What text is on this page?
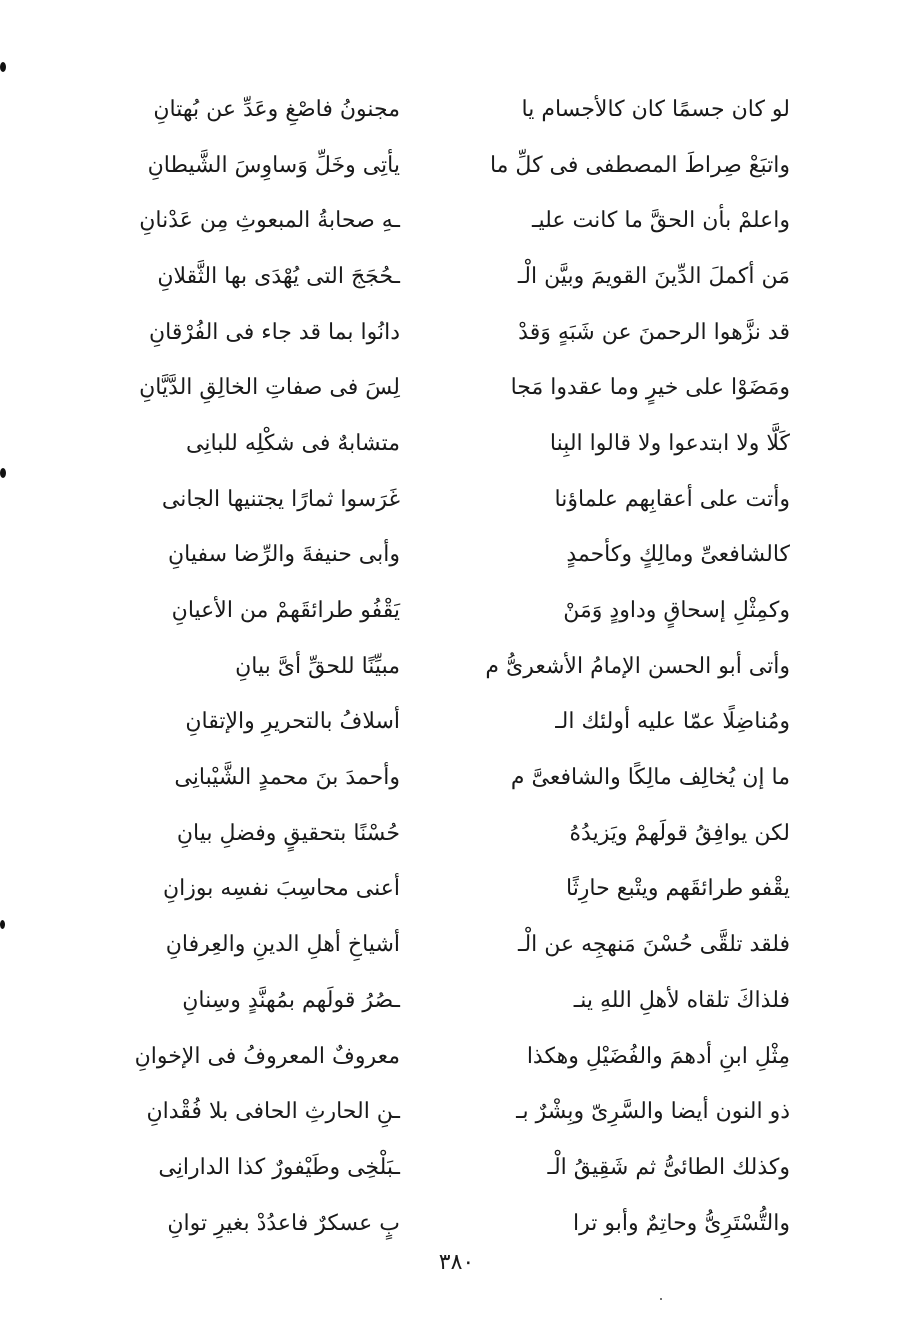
لو كان جسمًا كان كالأجسام يا
مجنونُ فاصْغِ وعَدِّ عن بُهتانِ
واتبَعْ صِراطَ المصطفى فى كلِّ ما
يأتِى وخَلِّ وَساوِسَ الشَّيطانِ
واعلمْ بأن الحقَّ ما كانت عليـ
ـهِ صحابةُ المبعوثِ مِن عَدْنانِ
مَن أكملَ الدِّينَ القويمَ وبيَّن الْـ
ـحُجَجَ التى يُهْدَى بها الثَّقلانِ
قد نزَّهوا الرحمنَ عن شَبَهٍ وَقدْ
دانُوا بما قد جاء فى الفُرْقانِ
ومَضَوْا على خيرٍ وما عقدوا مَجا
لِسَ فى صفاتِ الخالِقِ الدَّيَّانِ
كَلَّا ولا ابتدعوا ولا قالوا البِنا
متشابهٌ فى شكْلِه للبانِى
وأتت على أعقابِهم علماؤنا
غَرَسوا ثمارًا يجتنيها الجانى
كالشافعىِّ ومالِكٍ وكأحمدٍ
وأبى حنيفةَ والرِّضا سفيانِ
وكمِثْلِ إسحاقٍ وداودٍ وَمَنْ
يَقْفُو طرائقَهمْ من الأعيانِ
وأتى أبو الحسن الإمامُ الأشعرىُّ م
مبيِّنًا للحقِّ أىَّ بيانِ
ومُناضِلًا عمّا عليه أولئك الـ
أسلافُ بالتحريرِ والإتقانِ
ما إن يُخالِف مالِكًا والشافعىَّ م
وأحمدَ بنَ محمدٍ الشَّيْبانِى
لكن يوافِقُ قولَهمْ ويَزيدُهُ
حُسْنًا بتحقيقٍ وفضلِ بيانِ
يقْفو طرائقَهم ويتْبع حارِثًا
أعنى محاسِبَ نفسِه بوزانِ
فلقد تلقَّى حُسْنَ مَنهجِه عن الْـ
أشياخِ أهلِ الدينِ والعِرفانِ
فلذاكَ تلقاه لأهلِ اللهِ ينـ
ـصُرُ قولَهم بمُهنَّدٍ وسِنانِ
مِثْلِ ابنِ أدهمَ والفُضَيْلِ وهكذا
معروفٌ المعروفُ فى الإخوانِ
ذو النون أيضا والسَّرِىّ وبِشْرٌ بـ
ـنِ الحارثِ الحافى بلا فُقْدانِ
وكذلك الطائىُّ ثم شَقِيقُ الْـ
ـبَلْخِى وطَيْفورٌ كذا الدارانِى
والتُّسْتَرِىُّ وحاتِمٌ وأبو ترا
بٍ عسكرٌ فاعدُدْ بغيرِ توانِ
٣٨٠
